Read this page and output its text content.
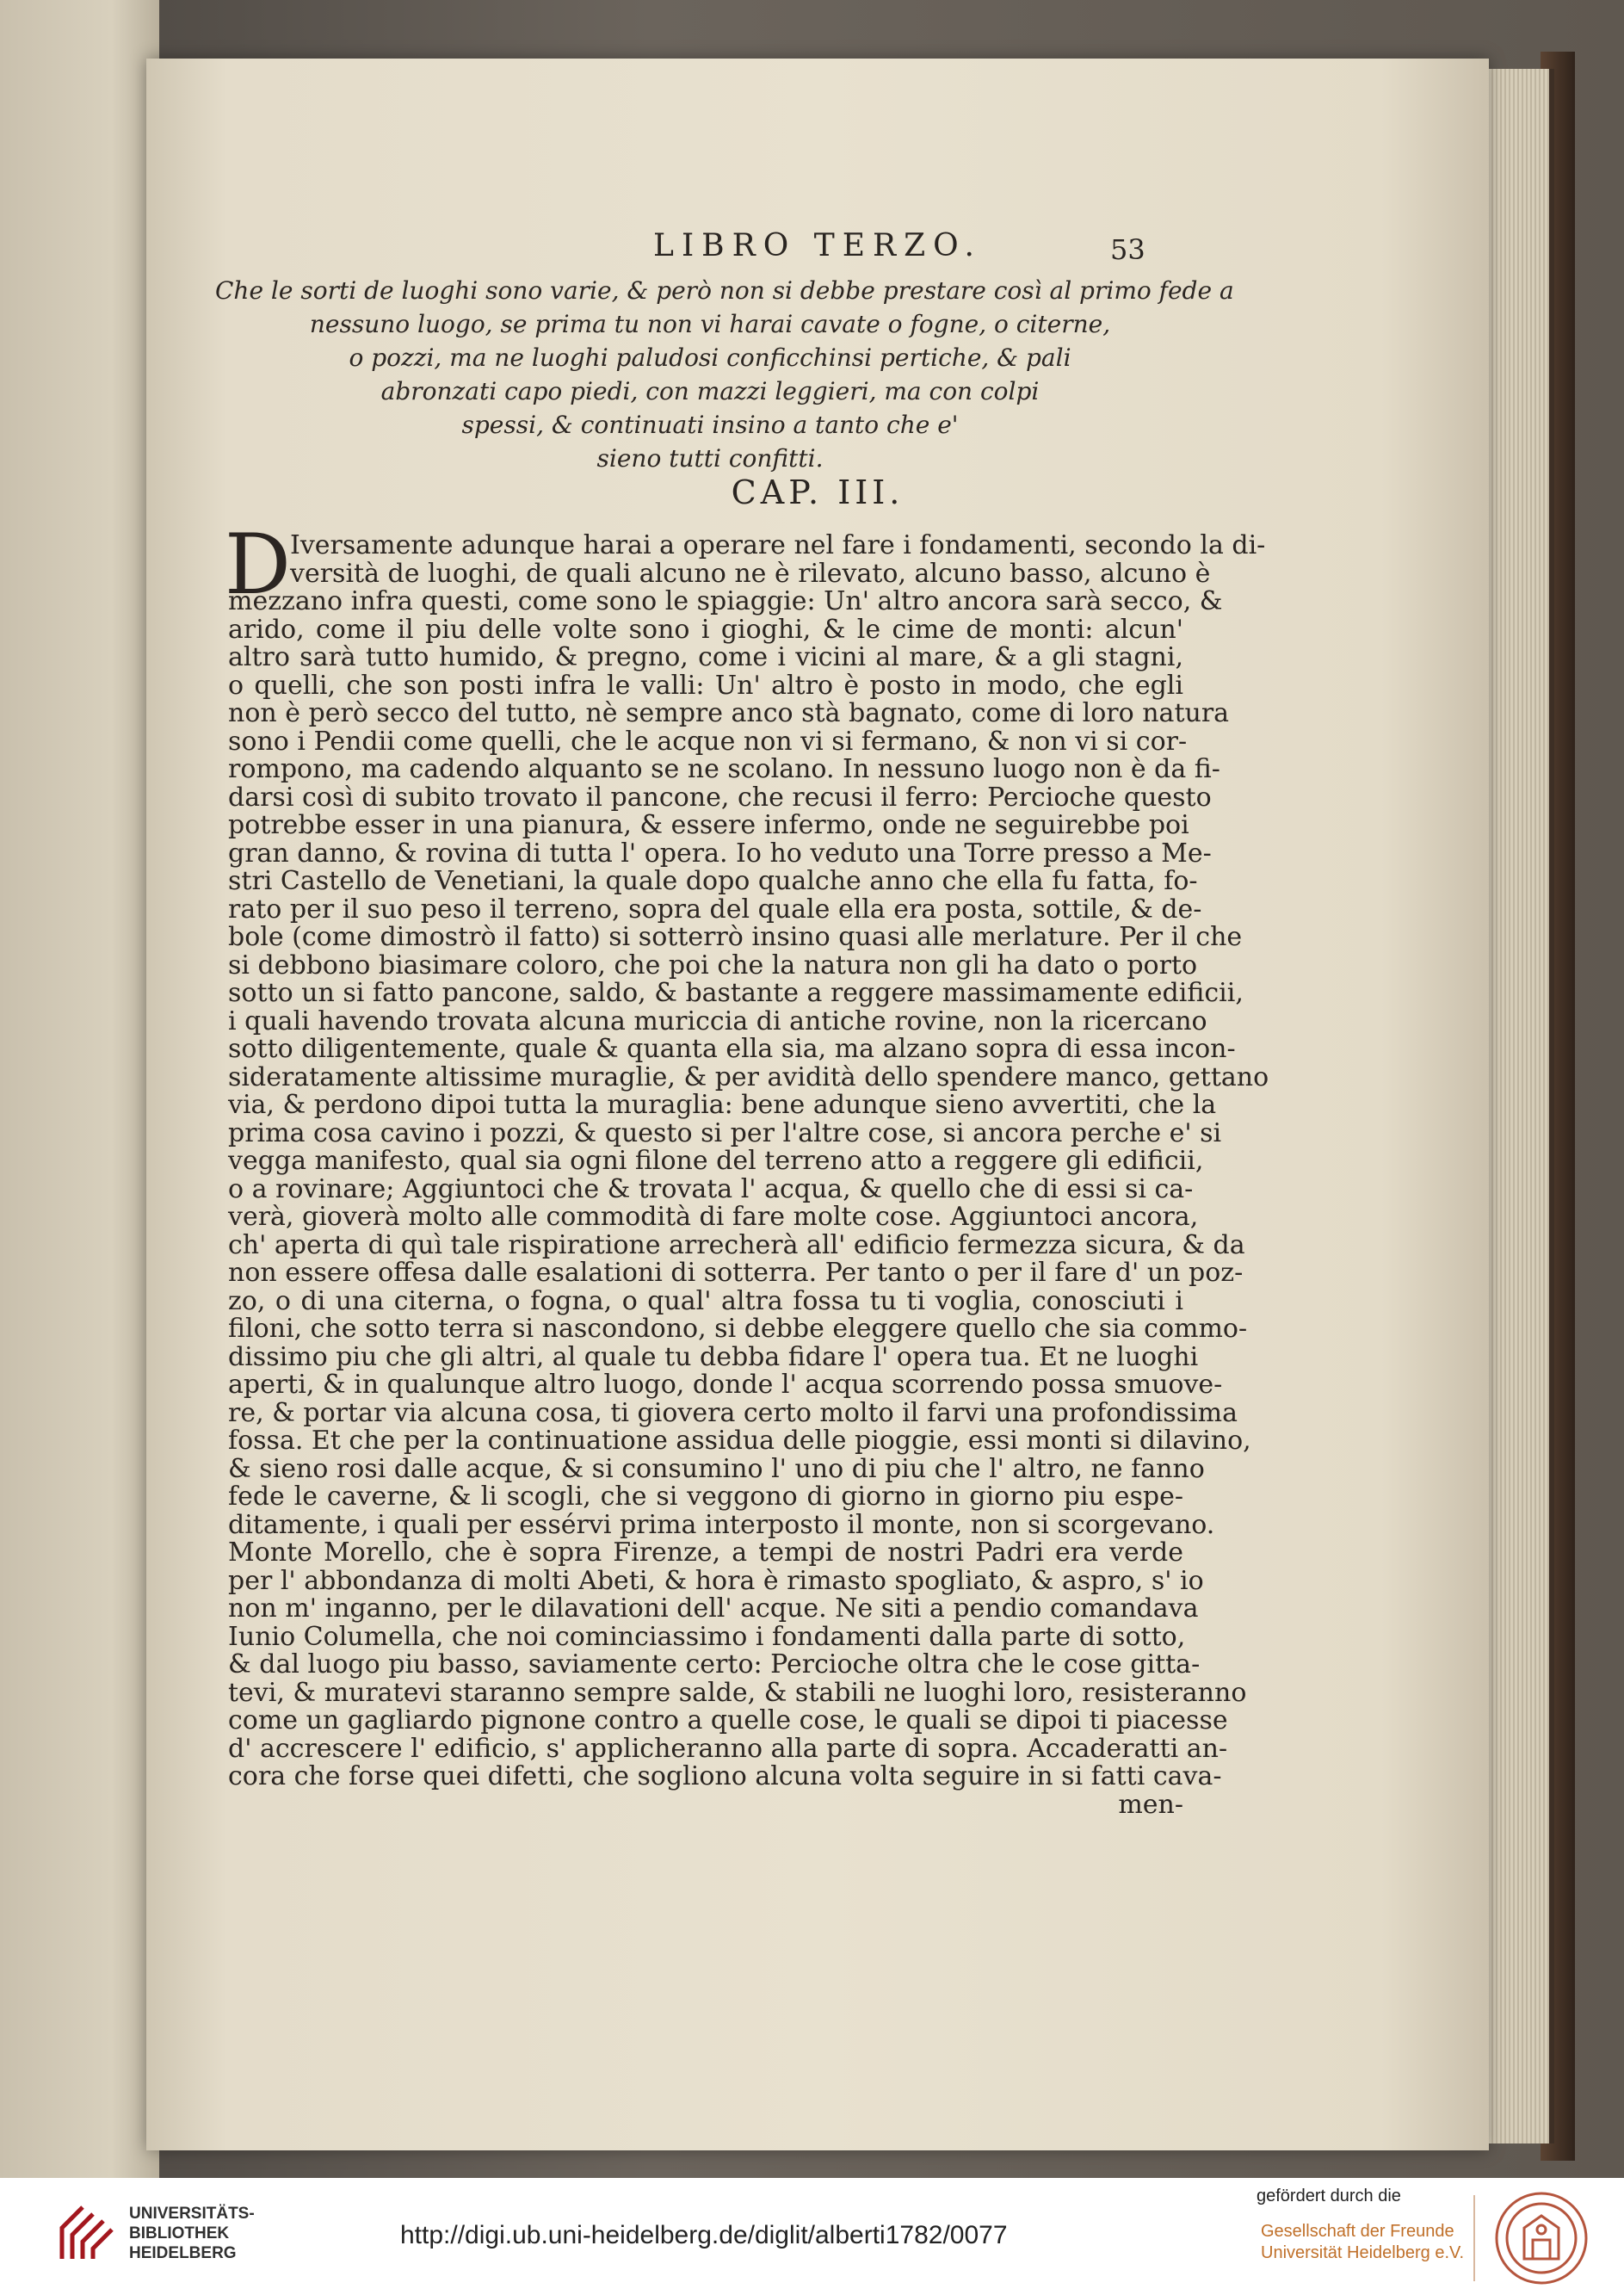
LIBRO TERZO.	53
Che le sorti de luoghi sono varie, & però non si debbe prestare così al primo fede a
nessuno luogo, se prima tu non vi harai cavate o fogne, o citerne,
o pozzi, ma ne luoghi paludosi conficchinsi pertiche, & pali
abronzati capo piedi, con mazzi leggieri, ma con colpi
spessi, & continuati insino a tanto che e'
sieno tutti confitti.
CAP. III.
D Iversamente adunque harai a operare nel fare i fondamenti, secondo la di-
versità de luoghi, de quali alcuno ne è rilevato, alcuno basso, alcuno è
mezzano infra questi, come sono le spiaggie: Un' altro ancora sarà secco, &
arido, come il piu delle volte sono i gioghi, & le cime de monti: alcun'
altro sarà tutto humido, & pregno, come i vicini al mare, & a gli stagni,
o quelli, che son posti infra le valli: Un' altro è posto in modo, che egli
non è però secco del tutto, nè sempre anco stà bagnato, come di loro natura
sono i Pendii come quelli, che le acque non vi si fermano, & non vi si cor-
rompono, ma cadendo alquanto se ne scolano. In nessuno luogo non è da fi-
darsi così di subito trovato il pancone, che recusi il ferro: Percioche questo
potrebbe esser in una pianura, & essere infermo, onde ne seguirebbe poi
gran danno, & rovina di tutta l' opera. Io ho veduto una Torre presso a Me-
stri Castello de Venetiani, la quale dopo qualche anno che ella fu fatta, fo-
rato per il suo peso il terreno, sopra del quale ella era posta, sottile, & de-
bole (come dimostrò il fatto) si sotterrò insino quasi alle merlature. Per il che
si debbono biasimare coloro, che poi che la natura non gli ha dato o porto
sotto un si fatto pancone, saldo, & bastante a reggere massimamente edificii,
i quali havendo trovata alcuna muriccia di antiche rovine, non la ricercano
sotto diligentemente, quale & quanta ella sia, ma alzano sopra di essa incon-
sideratamente altissime muraglie, & per avidità dello spendere manco, gettano
via, & perdono dipoi tutta la muraglia: bene adunque sieno avvertiti, che la
prima cosa cavino i pozzi, & questo si per l'altre cose, si ancora perche e' si
vegga manifesto, qual sia ogni filone del terreno atto a reggere gli edificii,
o a rovinare; Aggiuntoci che & trovata l' acqua, & quello che di essi si ca-
verà, gioverà molto alle commodità di fare molte cose. Aggiuntoci ancora,
ch' aperta di quì tale rispiratione arrecherà all' edificio fermezza sicura, & da
non essere offesa dalle esalationi di sotterra. Per tanto o per il fare d' un poz-
zo, o di una citerna, o fogna, o qual' altra fossa tu ti voglia, conosciuti i
filoni, che sotto terra si nascondono, si debbe eleggere quello che sia commo-
dissimo piu che gli altri, al quale tu debba fidare l' opera tua. Et ne luoghi
aperti, & in qualunque altro luogo, donde l' acqua scorrendo possa smuove-
re, & portar via alcuna cosa, ti giovera certo molto il farvi una profondissima
fossa. Et che per la continuatione assidua delle pioggie, essi monti si dilavino,
& sieno rosi dalle acque, & si consumino l' uno di piu che l' altro, ne fanno
fede le caverne, & li scogli, che si veggono di giorno in giorno piu espe-
ditamente, i quali per essérvi prima interposto il monte, non si scorgevano.
Monte Morello, che è sopra Firenze, a tempi de nostri Padri era verde
per l' abbondanza di molti Abeti, & hora è rimasto spogliato, & aspro, s' io
non m' inganno, per le dilavationi dell' acque. Ne siti a pendio comandava
Iunio Columella, che noi cominciassimo i fondamenti dalla parte di sotto,
& dal luogo piu basso, saviamente certo: Percioche oltra che le cose gitta-
tevi, & muratevi staranno sempre salde, & stabili ne luoghi loro, resisteranno
come un gagliardo pignone contro a quelle cose, le quali se dipoi ti piacesse
d' accrescere l' edificio, s' applicheranno alla parte di sopra. Accaderatti an-
cora che forse quei difetti, che sogliono alcuna volta seguire in si fatti cava-
men-
UNIVERSITÄTS-
BIBLIOTHEK
HEIDELBERG
http://digi.ub.uni-heidelberg.de/diglit/alberti1782/0077
gefördert durch die
Gesellschaft der Freunde
Universität Heidelberg e.V.
